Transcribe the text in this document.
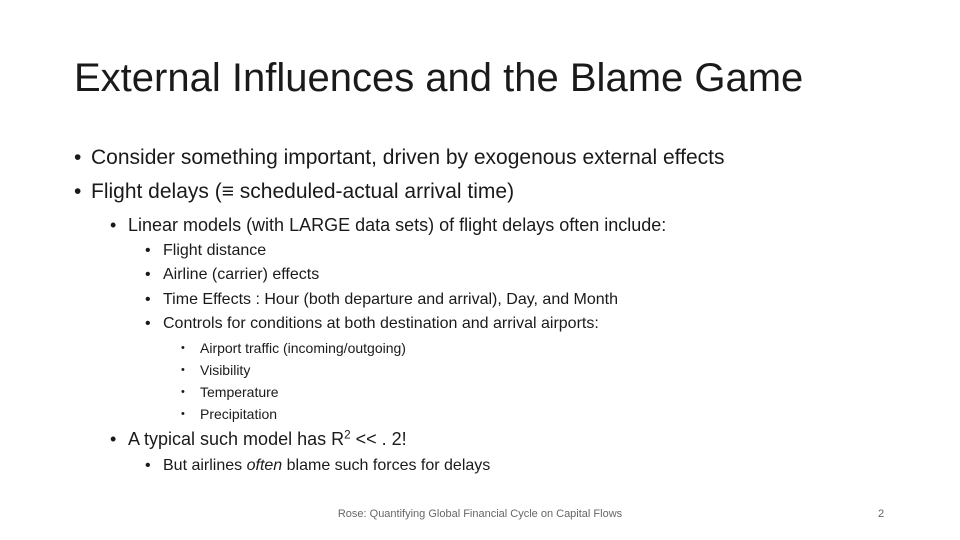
External Influences and the Blame Game
• Consider something important, driven by exogenous external effects
• Flight delays (≡ scheduled-actual arrival time)
• Linear models (with LARGE data sets) of flight delays often include:
• Flight distance
• Airline (carrier) effects
• Time Effects : Hour (both departure and arrival), Day, and Month
• Controls for conditions at both destination and arrival airports:
• Airport traffic (incoming/outgoing)
• Visibility
• Temperature
• Precipitation
• A typical such model has $R^2$ << . 2!
• But airlines often blame such forces for delays
Rose: Quantifying Global Financial Cycle on Capital Flows	2
